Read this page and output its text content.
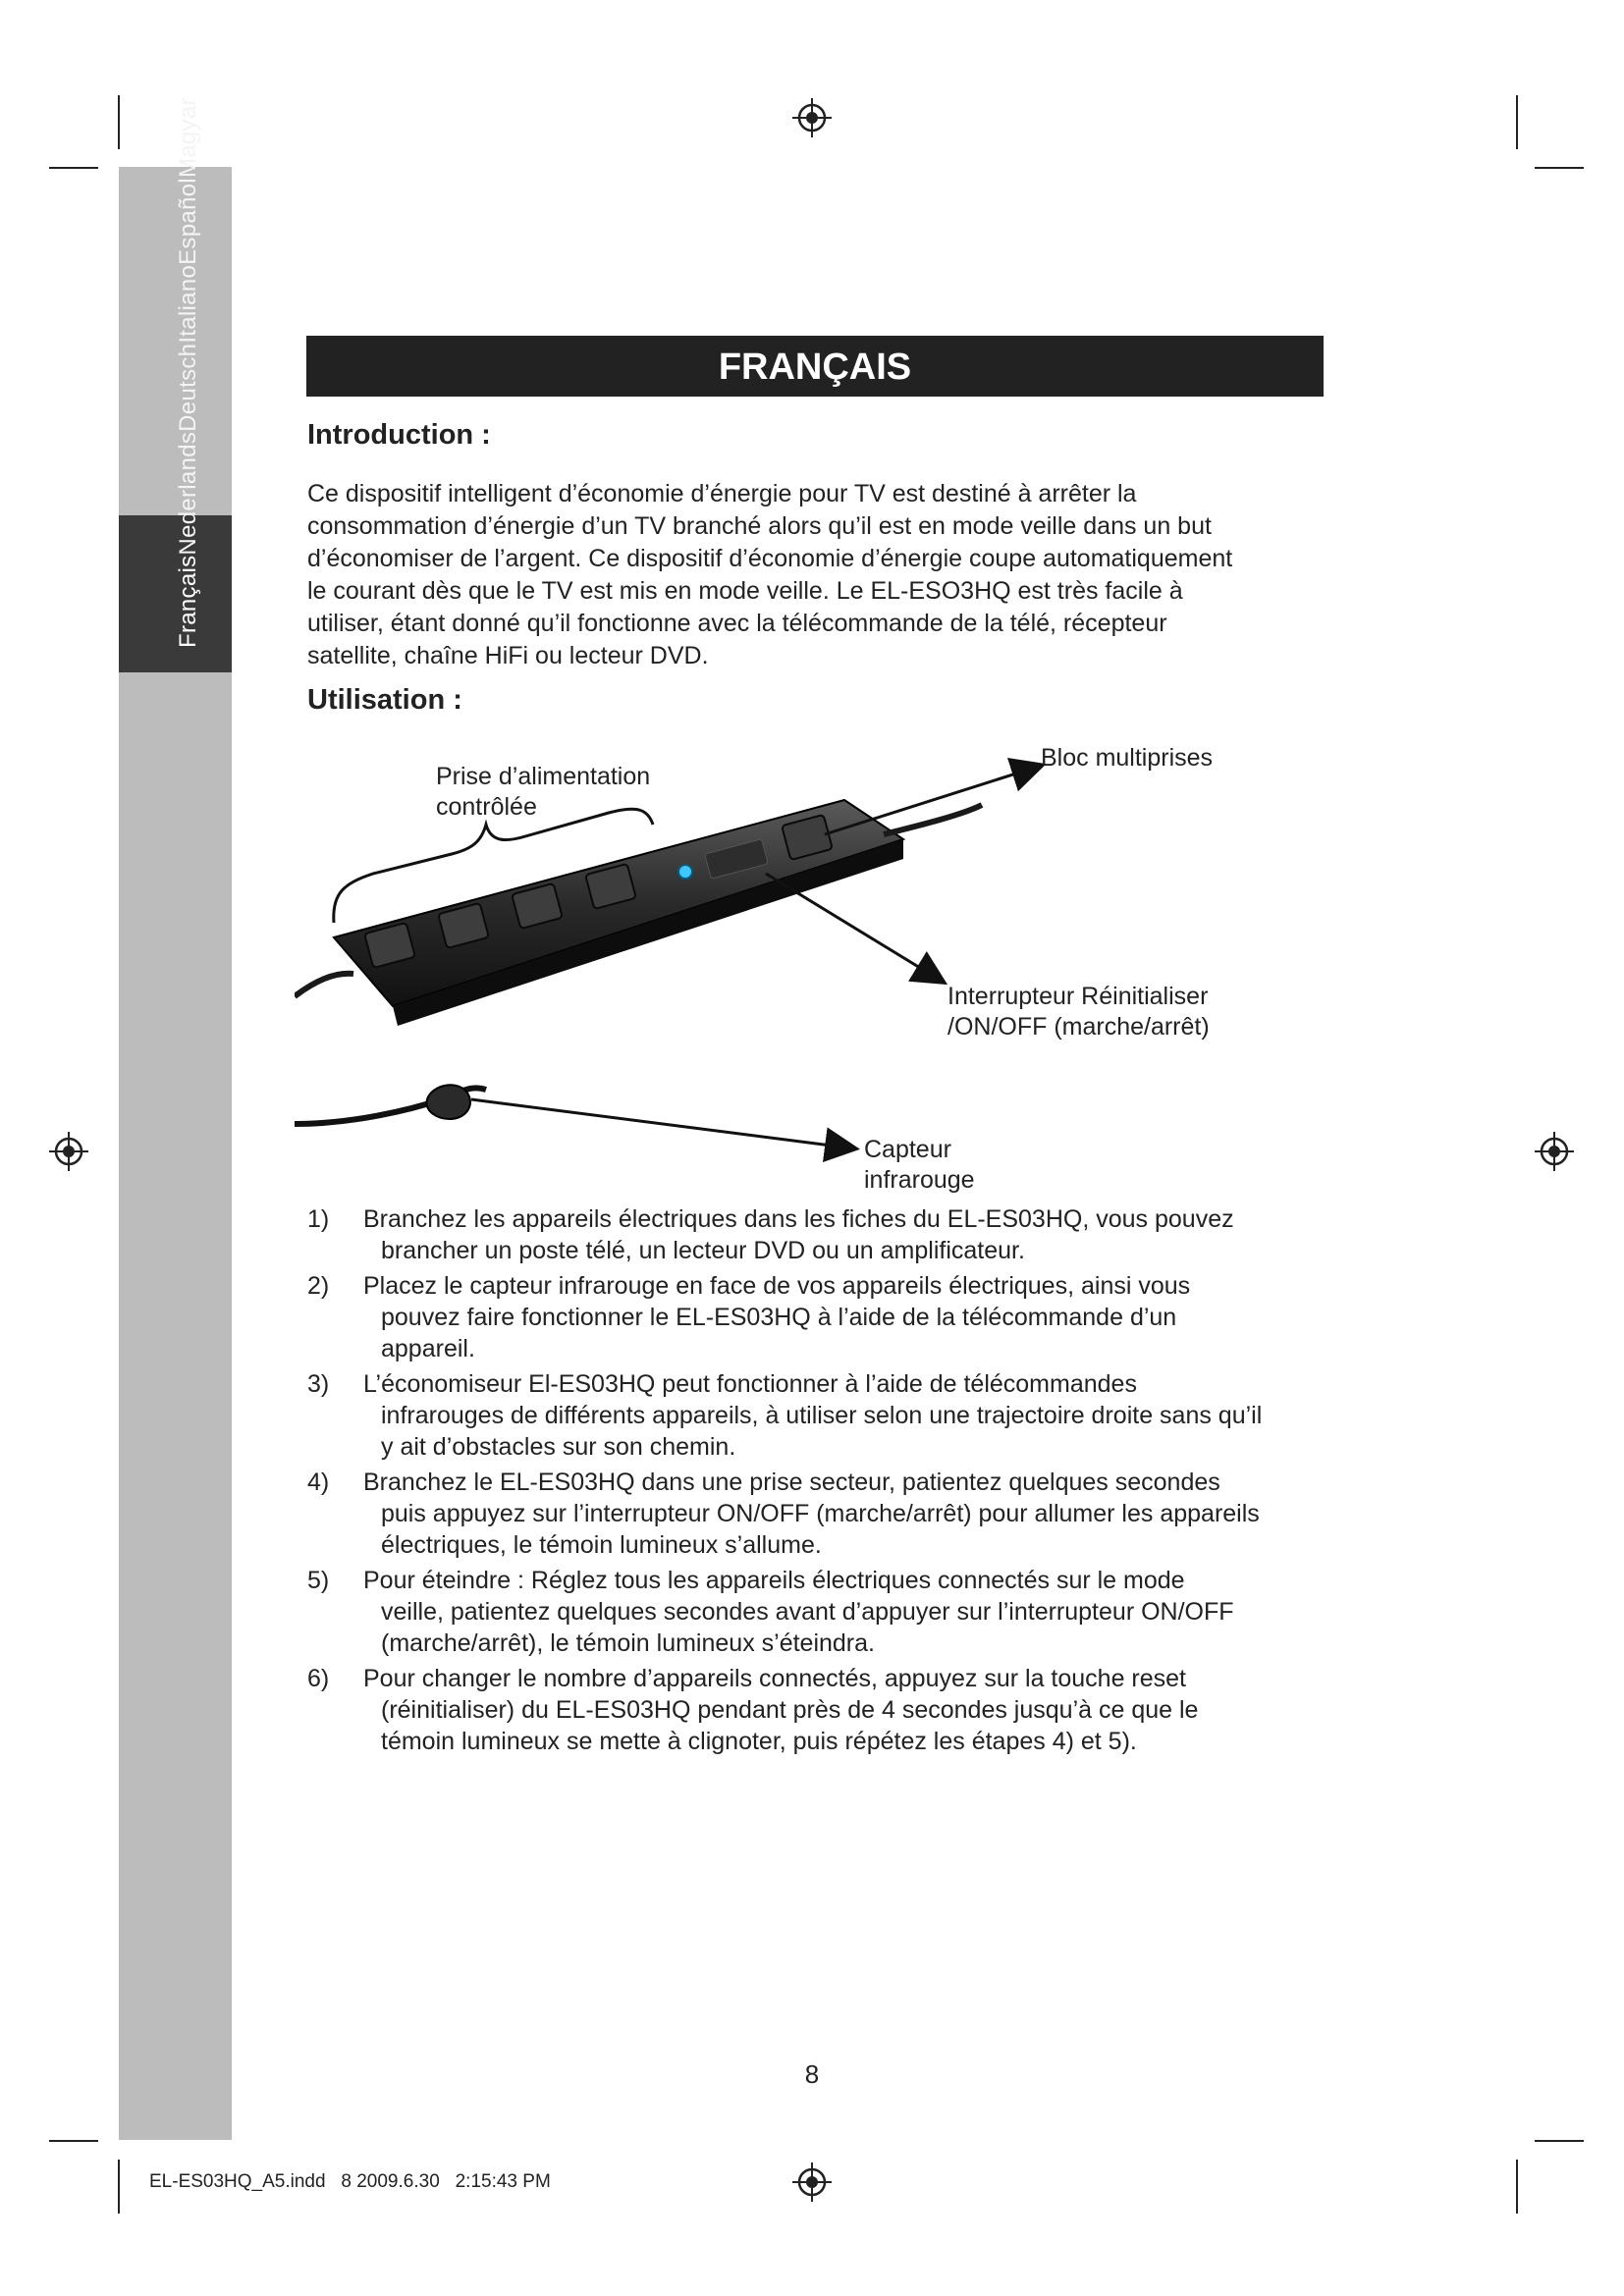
FrançaisNederlandsDeutschItalianoEspañolMagyar	FRANÇAIS
Introduction :
Ce dispositif intelligent d’économie d’énergie pour TV est destiné à arrêter la
consommation d’énergie d’un TV branché alors qu’il est en mode veille dans un but
d’économiser de l’argent. Ce dispositif d’économie d’énergie coupe automatiquement
le courant dès que le TV est mis en mode veille. Le EL-ESO3HQ est très facile à
utiliser, étant donné qu’il fonctionne avec la télécommande de la télé, récepteur
satellite, chaîne HiFi ou lecteur DVD.
Utilisation :
Prise d’alimentation
contrôlée
Bloc multiprises
Interrupteur Réinitialiser
/ON/OFF (marche/arrêt)
Capteur
infrarouge
1)	Branchez les appareils électriques dans les fiches du EL-ES03HQ, vous pouvez
brancher un poste télé, un lecteur DVD ou un amplificateur.
2)	Placez le capteur infrarouge en face de vos appareils électriques, ainsi vous
pouvez faire fonctionner le EL-ES03HQ à l’aide de la télécommande d’un
appareil.
3)	L’économiseur El-ES03HQ peut fonctionner à l’aide de télécommandes
infrarouges de différents appareils, à utiliser selon une trajectoire droite sans qu’il
y ait d’obstacles sur son chemin.
4)	Branchez le EL-ES03HQ dans une prise secteur, patientez quelques secondes
puis appuyez sur l’interrupteur ON/OFF (marche/arrêt) pour allumer les appareils
électriques, le témoin lumineux s’allume.
5)	Pour éteindre : Réglez tous les appareils électriques connectés sur le mode
veille, patientez quelques secondes avant d’appuyer sur l’interrupteur ON/OFF
(marche/arrêt), le témoin lumineux s’éteindra.
6)	Pour changer le nombre d’appareils connectés, appuyez sur la touche reset
(réinitialiser) du EL-ES03HQ pendant près de 4 secondes jusqu’à ce que le
témoin lumineux se mette à clignoter, puis répétez les étapes 4) et 5).
8
EL-ES03HQ_A5.indd   8 2009.6.30   2:15:43 PM
